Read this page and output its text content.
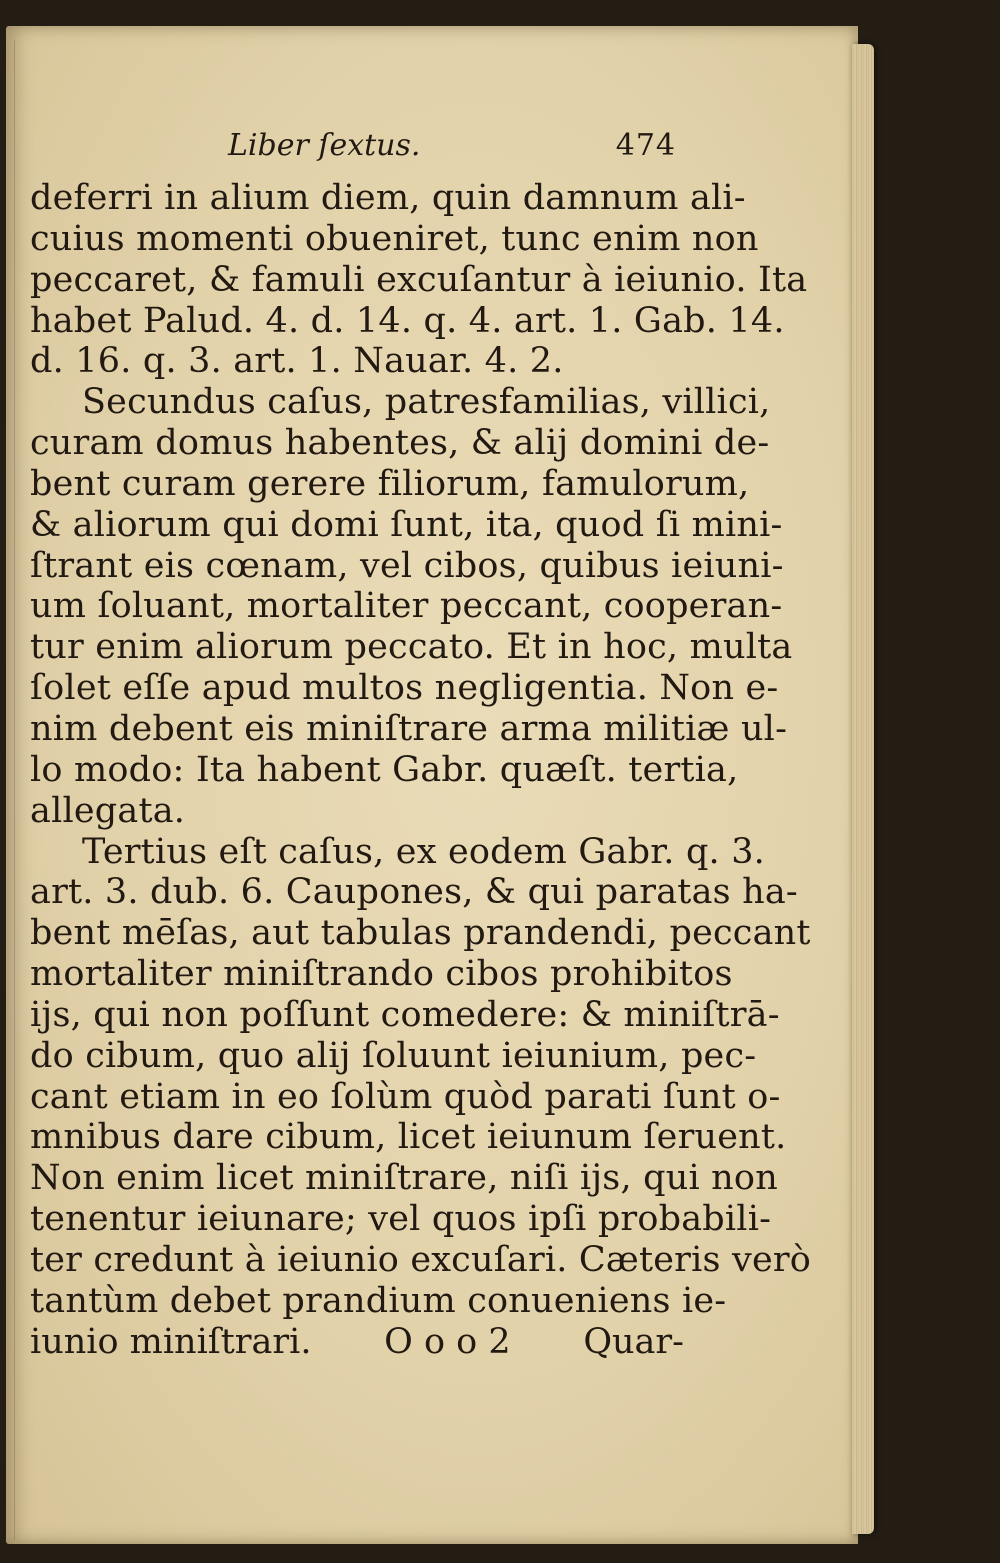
Liber ſextus.	474
deferri in alium diem, quin damnum ali-
cuius momenti obueniret, tunc enim non
peccaret, & famuli excuſantur à ieiunio. Ita
habet Palud. 4. d. 14. q. 4. art. 1. Gab. 14.
d. 16. q. 3. art. 1. Nauar. 4. 2.
Secundus caſus, patresfamilias, villici,
curam domus habentes, & alij domini de-
bent curam gerere filiorum, famulorum,
& aliorum qui domi ſunt, ita, quod ſi mini-
ſtrant eis cœnam, vel cibos, quibus ieiuni-
um ſoluant, mortaliter peccant, cooperan-
tur enim aliorum peccato. Et in hoc, multa
ſolet eſſe apud multos negligentia. Non e-
nim debent eis miniſtrare arma militiæ ul-
lo modo: Ita habent Gabr. quæſt. tertia,
allegata.
Tertius eſt caſus, ex eodem Gabr. q. 3.
art. 3. dub. 6. Caupones, & qui paratas ha-
bent mēſas, aut tabulas prandendi, peccant
mortaliter miniſtrando cibos prohibitos
ijs, qui non poſſunt comedere: & miniſtrā-
do cibum, quo alij ſoluunt ieiunium, pec-
cant etiam in eo ſolùm quòd parati ſunt o-
mnibus dare cibum, licet ieiunum ſeruent.
Non enim licet miniſtrare, niſi ijs, qui non
tenentur ieiunare; vel quos ipſi probabili-
ter credunt à ieiunio excuſari. Cæteris verò
tantùm debet prandium conueniens ie-
iunio miniſtrari. O o o 2 Quar-
